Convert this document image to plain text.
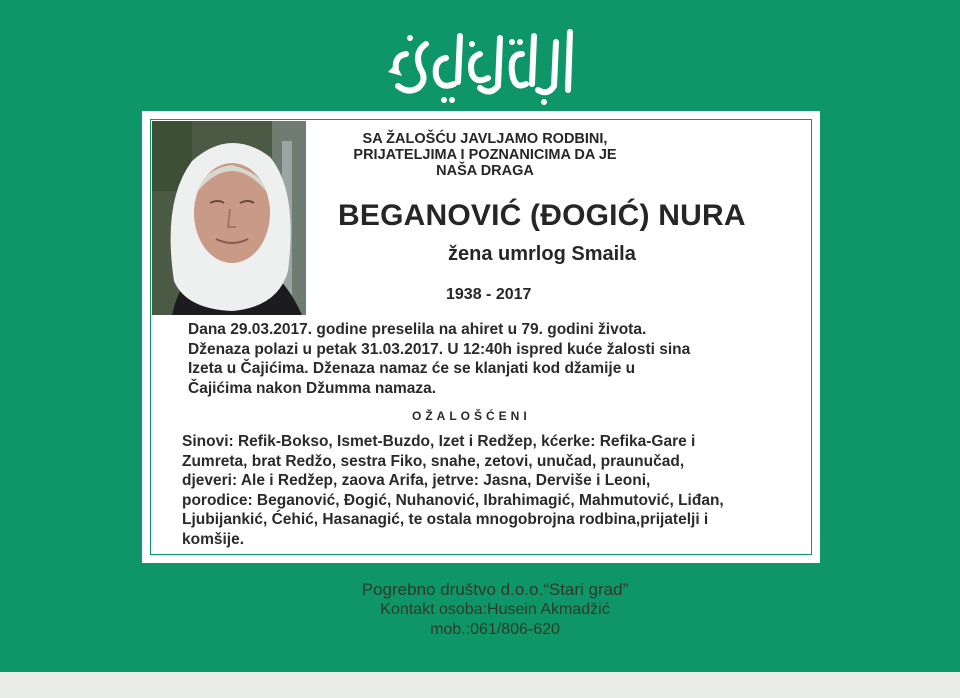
SA ŽALOŠĆU JAVLJAMO RODBINI,
PRIJATELJIMA I POZNANICIMA DA JE
NAŠA DRAGA
BEGANOVIĆ (ĐOGIĆ) NURA
žena umrlog Smaila
1938 - 2017
Dana 29.03.2017. godine preselila na ahiret u 79. godini života.
Dženaza polazi u petak 31.03.2017. U 12:40h ispred kuće žalosti sina
Izeta u Čajićima. Dženaza namaz će se klanjati kod džamije u
Čajićima nakon Džumma namaza.
OŽALOŠĆENI
Sinovi: Refik-Bokso, Ismet-Buzdo, Izet i Redžep, kćerke: Refika-Gare i
Zumreta, brat Redžo, sestra Fiko, snahe, zetovi, unučad, praunučad,
djeveri: Ale i Redžep, zaova Arifa, jetrve: Jasna, Derviše i Leoni,
porodice: Beganović, Đogić, Nuhanović, Ibrahimagić, Mahmutović, Liđan,
Ljubijankić, Ćehić, Hasanagić, te ostala mnogobrojna rodbina,prijatelji i
komšije.
Pogrebno društvo d.o.o.“Stari grad”
Kontakt osoba:Husein Akmadžić
mob.:061/806-620
